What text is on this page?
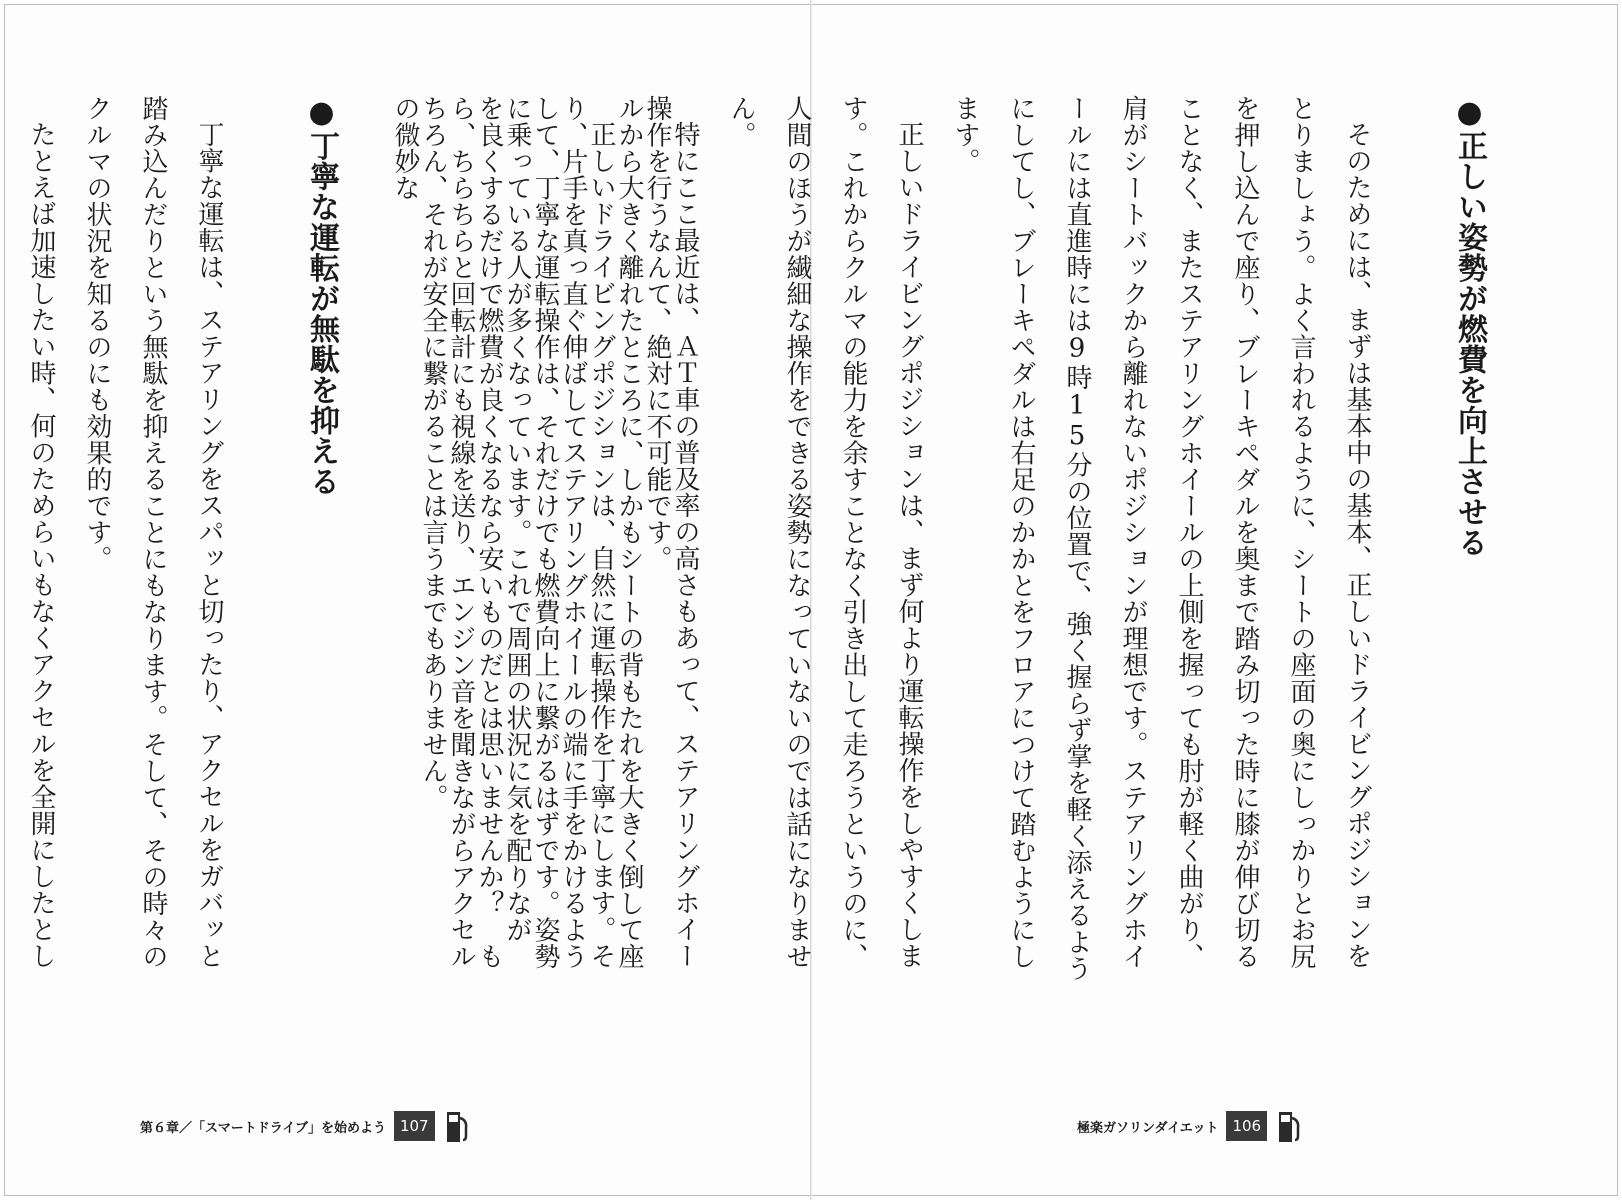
操作を行うなんて、絶対に不可能です。

正しいドライビングポジションは、自然に運転操作を丁寧にします。そして、丁寧な運転操作は、それだけでも燃費向上に繋がるはずです。姿勢を良くするだけで燃費が良くなるなら安いものだとは思いませんか？　もちろん、それが安全に繋がることは言うまでもありません。

●丁寧な運転が無駄を抑える

丁寧な運転は、ステアリングをスパッと切ったり、アクセルをガバッと踏み込んだりという無駄を抑えることにもなります。そして、その時々のクルマの状況を知るのにも効果的です。

たとえば加速したい時、何のためらいもなくアクセルを全開にしたとし

第６章／「スマートドライブ」を始めよう 107
●正しい姿勢が燃費を向上させる

そのためには、まずは基本中の基本、正しいドライビングポジションをとりましょう。よく言われるように、シートの座面の奥にしっかりとお尻を押し込んで座り、ブレーキペダルを奥まで踏み切った時に膝が伸び切ることなく、またステアリングホイールの上側を握っても肘が軽く曲がり、肩がシートバックから離れないポジションが理想です。ステアリングホイールには直進時には9時15分の位置で、強く握らず掌を軽く添えるようにしてし、ブレーキペダルは右足のかかとをフロアにつけて踏むようにします。

正しいドライビングポジションは、まず何より運転操作をしやすくします。これからクルマの能力を余すことなく引き出して走ろうというのに、人間のほうが繊細な操作をできる姿勢になっていないのでは話になりません。

特にここ最近は、ＡＴ車の普及率の高さもあって、ステアリングホイールから大きく離れたところに、しかもシートの背もたれを大きく倒して座り、片手を真っ直ぐ伸ばしてステアリングホイールの端に手をかけるように乗っている人が多くなっています。これで周囲の状況に気を配りながら、ちらちらと回転計にも視線を送り、エンジン音を聞きながらアクセルの微妙な

極楽ガソリンダイエット 106
